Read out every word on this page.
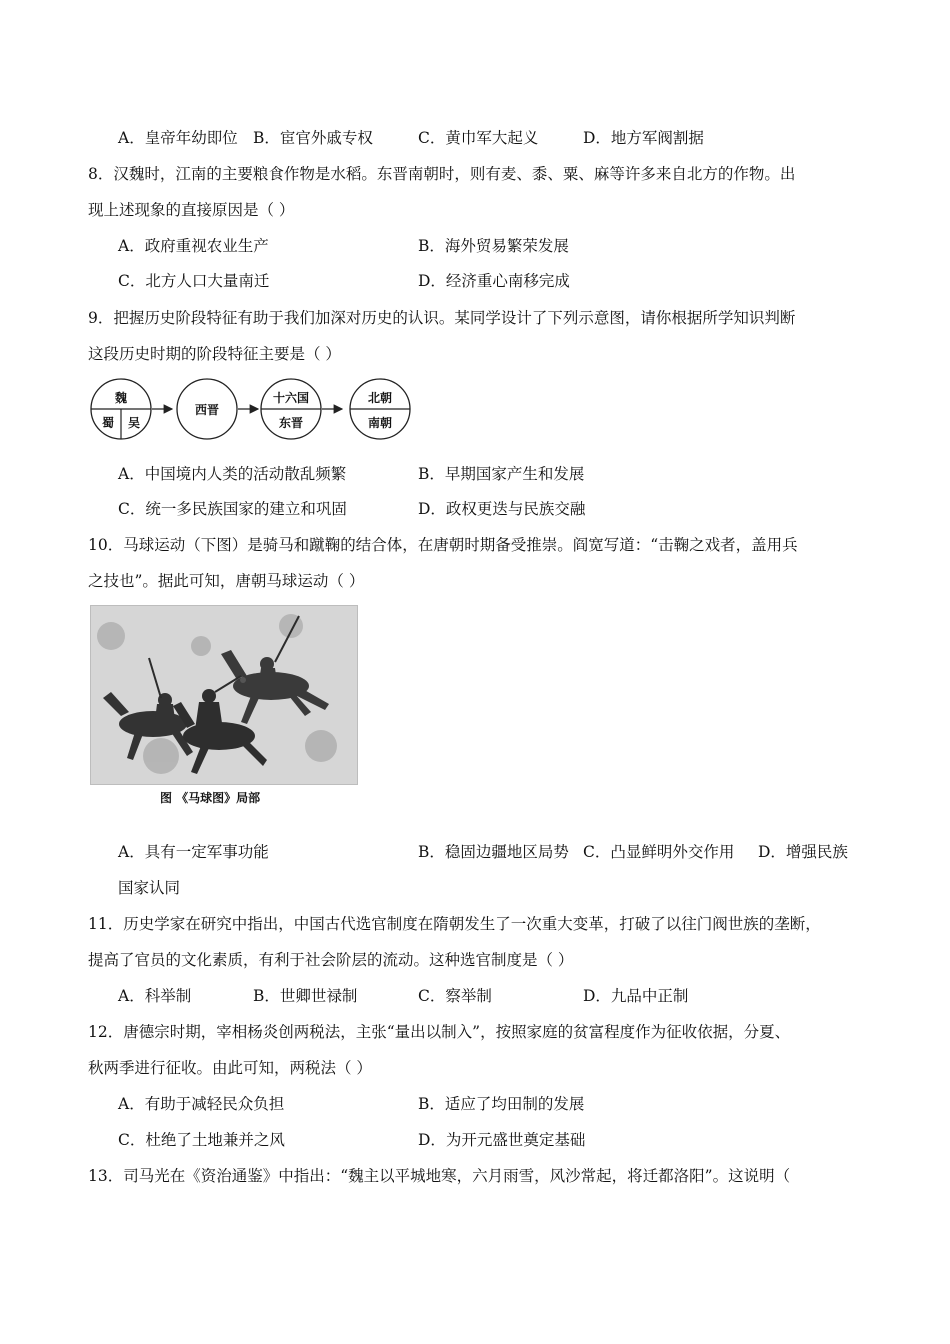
A．皇帝年幼即位 B．宦官外戚专权	C．黄巾军大起义	D．地方军阀割据
8．汉魏时，江南的主要粮食作物是水稻。东晋南朝时，则有麦、黍、粟、麻等许多来自北方的作物。出
现上述现象的直接原因是（ ）
A．政府重视农业生产	B．海外贸易繁荣发展
C．北方人口大量南迁	D．经济重心南移完成
9．把握历史阶段特征有助于我们加深对历史的认识。某同学设计了下列示意图，请你根据所学知识判断
这段历史时期的阶段特征主要是（ ）
魏
蜀 吴
西晋
十六国
东晋
北朝
南朝
A．中国境内人类的活动散乱频繁	B．早期国家产生和发展
C．统一多民族国家的建立和巩固	D．政权更迭与民族交融
10．马球运动（下图）是骑马和蹴鞠的结合体，在唐朝时期备受推崇。阎宽写道：“击鞠之戏者，盖用兵
之技也”。据此可知，唐朝马球运动（ ）
图 《马球图》局部
A．具有一定军事功能	B．稳固边疆地区局势 C．凸显鲜明外交作用 D．增强民族
国家认同
11．历史学家在研究中指出，中国古代选官制度在隋朝发生了一次重大变革，打破了以往门阀世族的垄断，
提高了官员的文化素质，有利于社会阶层的流动。这种选官制度是（ ）
A．科举制	B．世卿世禄制	C．察举制	D．九品中正制
12．唐德宗时期，宰相杨炎创两税法，主张“量出以制入”，按照家庭的贫富程度作为征收依据，分夏、
秋两季进行征收。由此可知，两税法（ ）
A．有助于减轻民众负担	B．适应了均田制的发展
C．杜绝了土地兼并之风	D．为开元盛世奠定基础
13．司马光在《资治通鉴》中指出：“魏主以平城地寒，六月雨雪，风沙常起，将迁都洛阳”。这说明（
